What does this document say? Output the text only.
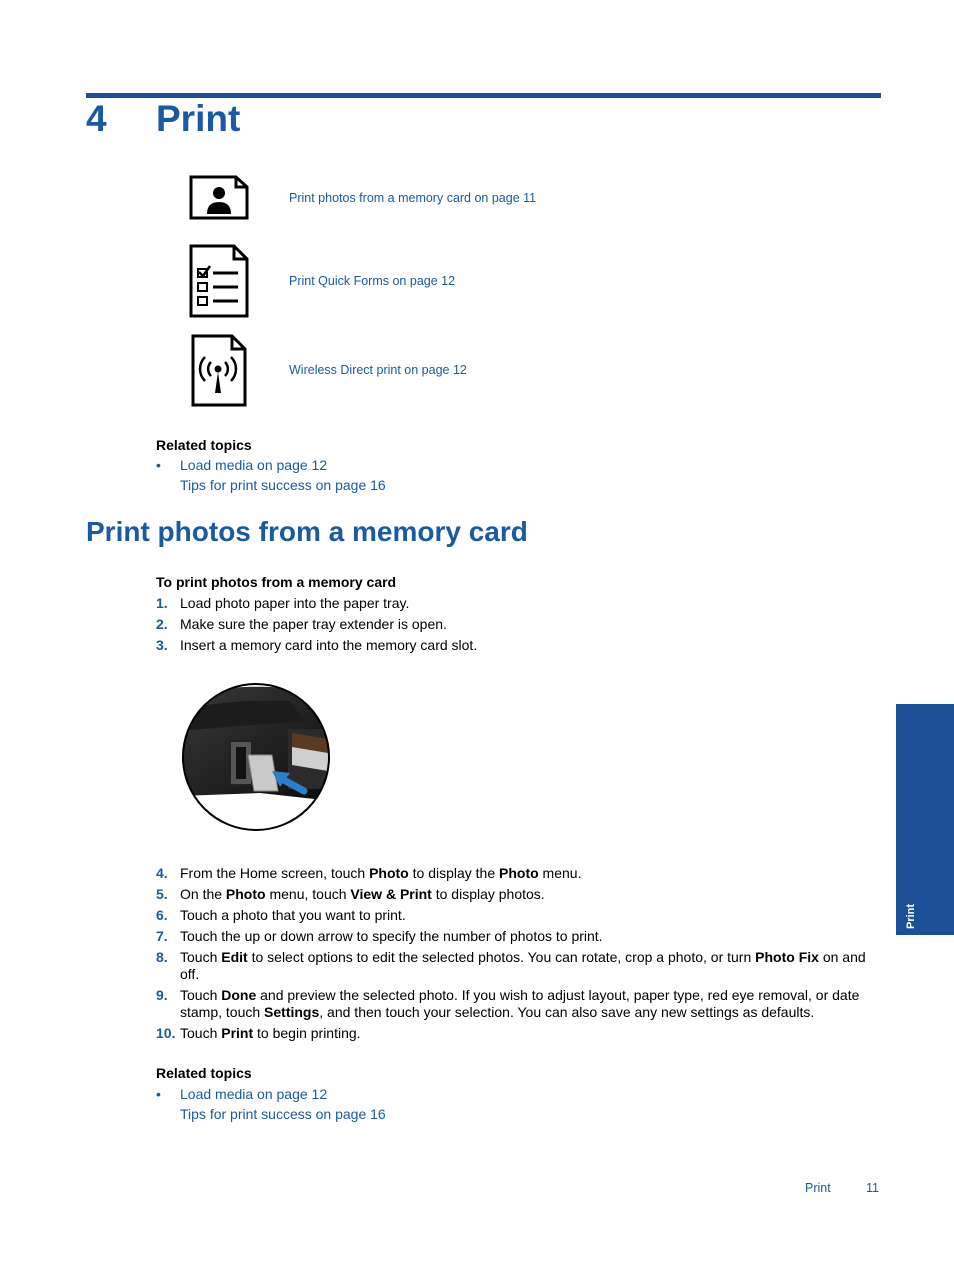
4	Print
Print photos from a memory card on page 11
Print Quick Forms on page 12
Wireless Direct print on page 12
Related topics
• Load media on page 12
Tips for print success on page 16
Print photos from a memory card
To print photos from a memory card
1. Load photo paper into the paper tray.
2. Make sure the paper tray extender is open.
3. Insert a memory card into the memory card slot.
4. From the Home screen, touch Photo to display the Photo menu.
5. On the Photo menu, touch View & Print to display photos.
6. Touch a photo that you want to print.
7. Touch the up or down arrow to specify the number of photos to print.
8. Touch Edit to select options to edit the selected photos. You can rotate, crop a photo, or turn Photo Fix on and off.
9. Touch Done and preview the selected photo. If you wish to adjust layout, paper type, red eye removal, or date stamp, touch Settings, and then touch your selection. You can also save any new settings as defaults.
10. Touch Print to begin printing.
Related topics
• Load media on page 12
Tips for print success on page 16
Print
Print	11
